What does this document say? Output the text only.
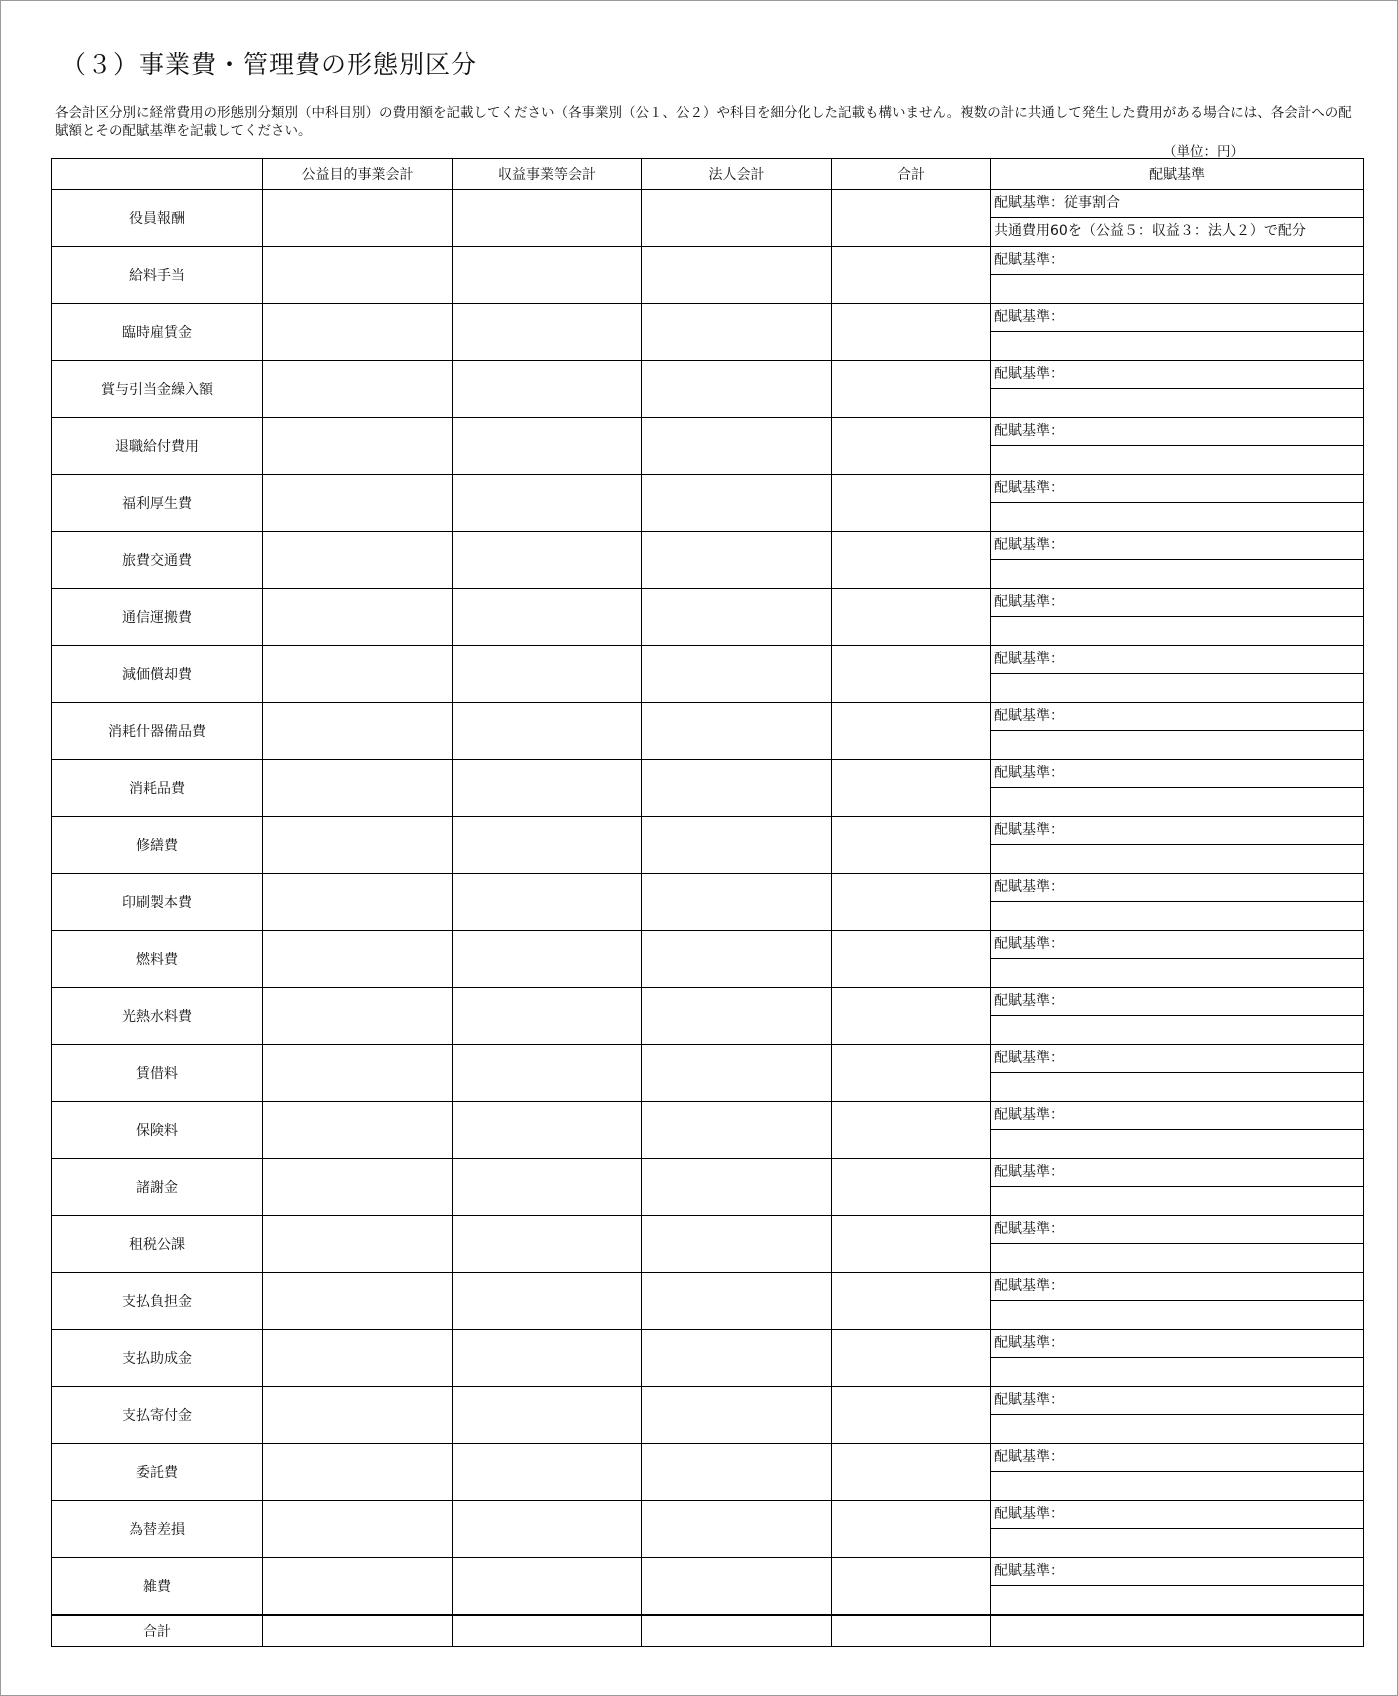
（３）事業費・管理費の形態別区分
各会計区分別に経常費用の形態別分類別（中科目別）の費用額を記載してください（各事業別（公１、公２）や科目を細分化した記載も構いません。複数の計に共通して発生した費用がある場合には、各会計への配賦額とその配賦基準を記載してください。
（単位：円）
	公益目的事業会計	収益事業等会計	法人会計	合計	配賦基準
役員報酬					配賦基準：従事割合
共通費用60を（公益５：収益３：法人２）で配分

給料手当					配賦基準：

臨時雇賃金					配賦基準：

賞与引当金繰入額					配賦基準：

退職給付費用					配賦基準：

福利厚生費					配賦基準：

旅費交通費					配賦基準：

通信運搬費					配賦基準：

減価償却費					配賦基準：

消耗什器備品費					配賦基準：

消耗品費					配賦基準：

修繕費					配賦基準：

印刷製本費					配賦基準：

燃料費					配賦基準：

光熱水料費					配賦基準：

賃借料					配賦基準：

保険料					配賦基準：

諸謝金					配賦基準：

租税公課					配賦基準：

支払負担金					配賦基準：

支払助成金					配賦基準：

支払寄付金					配賦基準：

委託費					配賦基準：

為替差損					配賦基準：

雑費					配賦基準：

合計					
